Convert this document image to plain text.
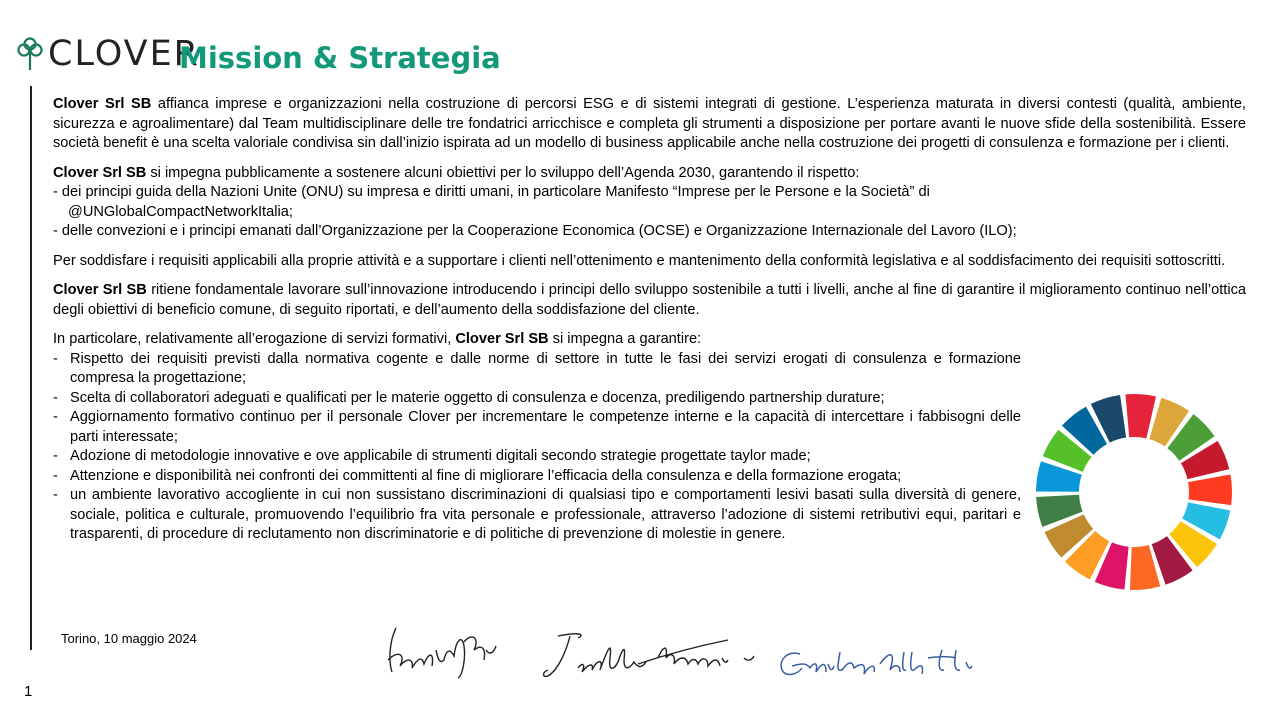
CLOVER
Mission & Strategia

Clover Srl SB affianca imprese e organizzazioni nella costruzione di percorsi ESG e di sistemi integrati di gestione. L’esperienza maturata in diversi contesti (qualità, ambiente, sicurezza e agroalimentare) dal Team multidisciplinare delle tre fondatrici arricchisce e completa gli strumenti a disposizione per portare avanti le nuove sfide della sostenibilità. Essere società benefit è una scelta valoriale condivisa sin dall’inizio ispirata ad un modello di business applicabile anche nella costruzione dei progetti di consulenza e formazione per i clienti.

Clover Srl SB si impegna pubblicamente a sostenere alcuni obiettivi per lo sviluppo dell’Agenda 2030, garantendo il rispetto:
- dei principi guida della Nazioni Unite (ONU) su impresa e diritti umani, in particolare Manifesto “Imprese per le Persone e la Società” di
@UNGlobalCompactNetworkItalia;
- delle convezioni e i principi emanati dall’Organizzazione per la Cooperazione Economica (OCSE) e Organizzazione Internazionale del Lavoro (ILO);

Per soddisfare i requisiti applicabili alla proprie attività e a supportare i clienti nell’ottenimento e mantenimento della conformità legislativa e al soddisfacimento dei requisiti sottoscritti.

Clover Srl SB ritiene fondamentale lavorare sull’innovazione introducendo i principi dello sviluppo sostenibile a tutti i livelli, anche al fine di garantire il miglioramento continuo nell’ottica degli obiettivi di beneficio comune, di seguito riportati, e dell’aumento della soddisfazione del cliente.

In particolare, relativamente all’erogazione di servizi formativi, Clover Srl SB si impegna a garantire:

- Rispetto dei requisiti previsti dalla normativa cogente e dalle norme di settore in tutte le fasi dei servizi erogati di consulenza e formazione compresa la progettazione;
- Scelta di collaboratori adeguati e qualificati per le materie oggetto di consulenza e docenza, prediligendo partnership durature;
- Aggiornamento formativo continuo per il personale Clover per incrementare le competenze interne e la capacità di intercettare i fabbisogni delle parti interessate;
- Adozione di metodologie innovative e ove applicabile di strumenti digitali secondo strategie progettate taylor made;
- Attenzione e disponibilità nei confronti dei committenti al fine di migliorare l’efficacia della consulenza e della formazione erogata;
- un ambiente lavorativo accogliente in cui non sussistano discriminazioni di qualsiasi tipo e comportamenti lesivi basati sulla diversità di genere, sociale, politica e culturale, promuovendo l’equilibrio fra vita personale e professionale, attraverso l’adozione di sistemi retributivi equi, paritari e trasparenti, di procedure di reclutamento non discriminatorie e di politiche di prevenzione di molestie in genere.
Torino, 10 maggio 2024
1
